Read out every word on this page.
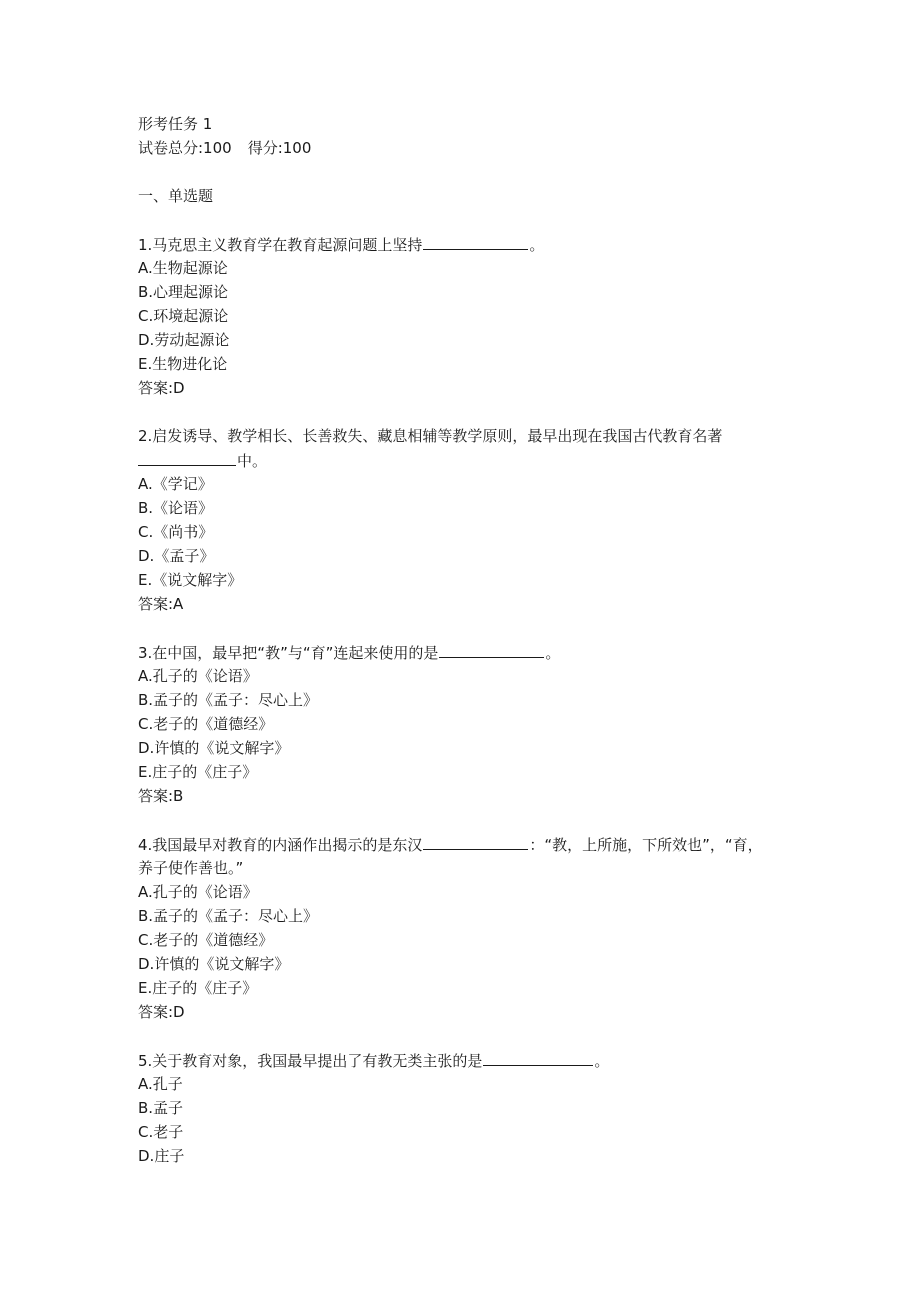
形考任务 1
试卷总分:100 得分:100
一、单选题
1.马克思主义教育学在教育起源问题上坚持	。
A.生物起源论
B.心理起源论
C.环境起源论
D.劳动起源论
E.生物进化论
答案:D
2.启发诱导、教学相长、长善救失、藏息相辅等教学原则，最早出现在我国古代教育名著
中。
A.《学记》
B.《论语》
C.《尚书》
D.《孟子》
E.《说文解字》
答案:A
3.在中国，最早把“教”与“育”连起来使用的是	。
A.孔子的《论语》
B.孟子的《孟子：尽心上》
C.老子的《道德经》
D.许慎的《说文解字》
E.庄子的《庄子》
答案:B
4.我国最早对教育的内涵作出揭示的是东汉	：“教，上所施，下所效也”，“育，
养子使作善也。”
A.孔子的《论语》
B.孟子的《孟子：尽心上》
C.老子的《道德经》
D.许慎的《说文解字》
E.庄子的《庄子》
答案:D
5.关于教育对象，我国最早提出了有教无类主张的是	。
A.孔子
B.孟子
C.老子
D.庄子
